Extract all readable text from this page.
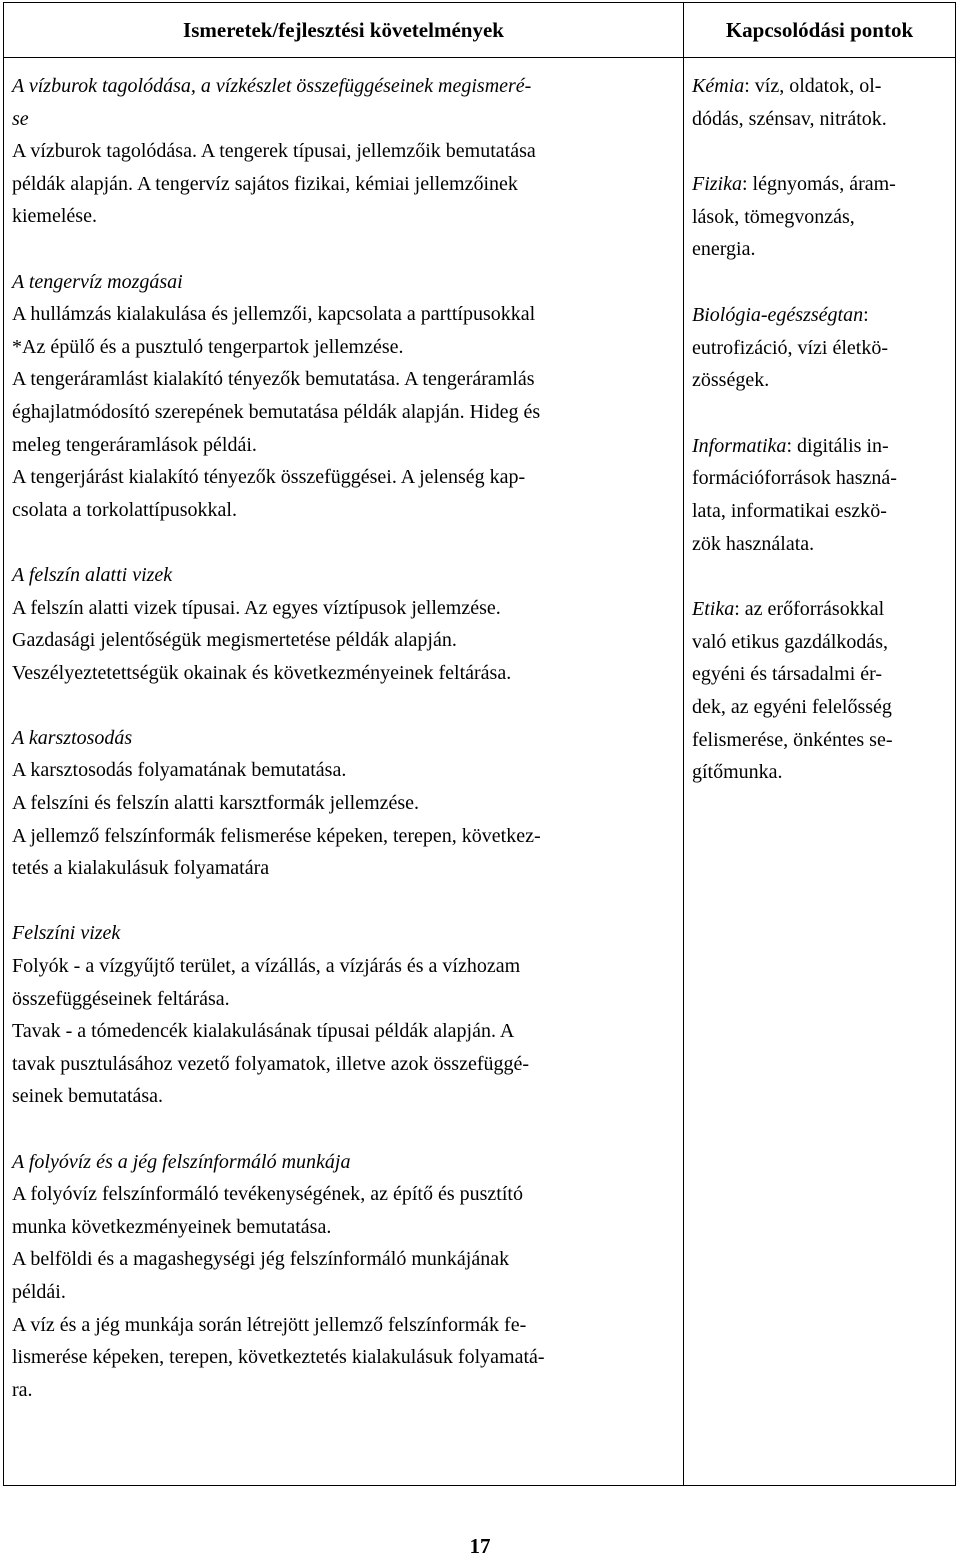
Ismeretek/fejlesztési követelmények	Kapcsolódási pontok

A vízburok tagolódása, a vízkészlet összefüggéseinek megismeré-

se

A vízburok tagolódása. A tengerek típusai, jellemzőik bemutatása

példák alapján. A tengervíz sajátos fizikai, kémiai jellemzőinek

kiemelése.

A tengervíz mozgásai

A hullámzás kialakulása és jellemzői, kapcsolata a parttípusokkal

*Az épülő és a pusztuló tengerpartok jellemzése.

A tengeráramlást kialakító tényezők bemutatása. A tengeráramlás

éghajlatmódosító szerepének bemutatása példák alapján. Hideg és

meleg tengeráramlások példái.

A tengerjárást kialakító tényezők összefüggései. A jelenség kap-

csolata a torkolattípusokkal.

A felszín alatti vizek

A felszín alatti vizek típusai. Az egyes víztípusok jellemzése.

Gazdasági jelentőségük megismertetése példák alapján.

Veszélyeztetettségük okainak és következményeinek feltárása.

A karsztosodás

A karsztosodás folyamatának bemutatása.

A felszíni és felszín alatti karsztformák jellemzése.

A jellemző felszínformák felismerése képeken, terepen, következ-

tetés a kialakulásuk folyamatára

Felszíni vizek

Folyók - a vízgyűjtő terület, a vízállás, a vízjárás és a vízhozam

összefüggéseinek feltárása.

Tavak - a tómedencék kialakulásának típusai példák alapján. A

tavak pusztulásához vezető folyamatok, illetve azok összefüggé-

seinek bemutatása.

A folyóvíz és a jég felszínformáló munkája

A folyóvíz felszínformáló tevékenységének, az építő és pusztító

munka következményeinek bemutatása.

A belföldi és a magashegységi jég felszínformáló munkájának

példái.

A víz és a jég munkája során létrejött jellemző felszínformák fe-

lismerése képeken, terepen, következtetés kialakulásuk folyamatá-

ra.

Kémia: víz, oldatok, ol-

dódás, szénsav, nitrátok.

Fizika: légnyomás, áram-

lások, tömegvonzás,

energia.

Biológia-egészségtan:

eutrofizáció, vízi életkö-

zösségek.

Informatika: digitális in-

formációforrások haszná-

lata, informatikai eszkö-

zök használata.

Etika: az erőforrásokkal

való etikus gazdálkodás,

egyéni és társadalmi ér-

dek, az egyéni felelősség

felismerése, önkéntes se-

gítőmunka.

17
